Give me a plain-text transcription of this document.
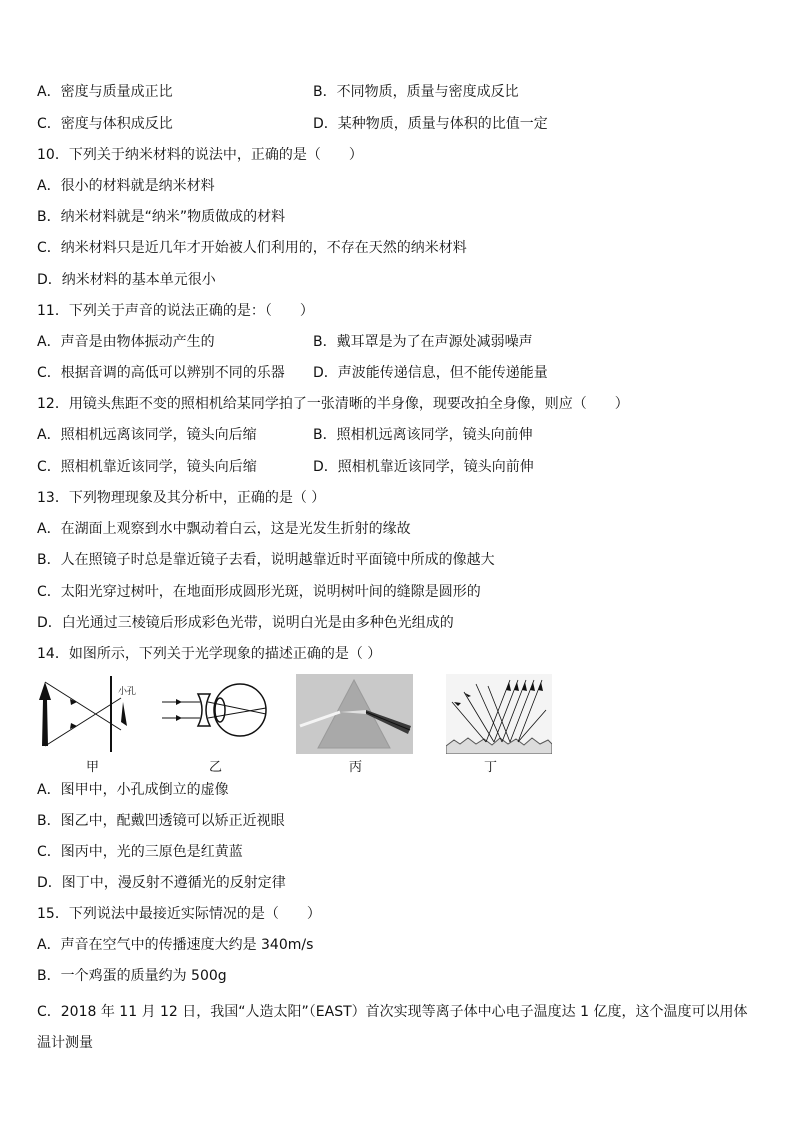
A．密度与质量成正比	B．不同物质，质量与密度成反比
C．密度与体积成反比	D．某种物质，质量与体积的比值一定
10．下列关于纳米材料的说法中，正确的是（　　）
A．很小的材料就是纳米材料
B．纳米材料就是“纳米”物质做成的材料
C．纳米材料只是近几年才开始被人们利用的，不存在天然的纳米材料
D．纳米材料的基本单元很小
11．下列关于声音的说法正确的是：（　　）
A．声音是由物体振动产生的	B．戴耳罩是为了在声源处减弱噪声
C．根据音调的高低可以辨别不同的乐器 D．声波能传递信息，但不能传递能量
12．用镜头焦距不变的照相机给某同学拍了一张清晰的半身像，现要改拍全身像，则应（　　）
A．照相机远离该同学，镜头向后缩	B．照相机远离该同学，镜头向前伸
C．照相机靠近该同学，镜头向后缩	D．照相机靠近该同学，镜头向前伸
13．下列物理现象及其分析中，正确的是（ ）
A．在湖面上观察到水中飘动着白云，这是光发生折射的缘故
B．人在照镜子时总是靠近镜子去看，说明越靠近时平面镜中所成的像越大
C．太阳光穿过树叶，在地面形成圆形光斑，说明树叶间的缝隙是圆形的
D．白光通过三棱镜后形成彩色光带，说明白光是由多种色光组成的
14．如图所示，下列关于光学现象的描述正确的是（ ）
小孔
甲	乙	丙	丁
A．图甲中，小孔成倒立的虚像
B．图乙中，配戴凹透镜可以矫正近视眼
C．图丙中，光的三原色是红黄蓝
D．图丁中，漫反射不遵循光的反射定律
15．下列说法中最接近实际情况的是（　　）
A．声音在空气中的传播速度大约是 340m/s
B．一个鸡蛋的质量约为 500g
C．2018 年 11 月 12 日，我国“人造太阳”（EAST）首次实现等离子体中心电子温度达 1 亿度，这个温度可以用体温计测量
